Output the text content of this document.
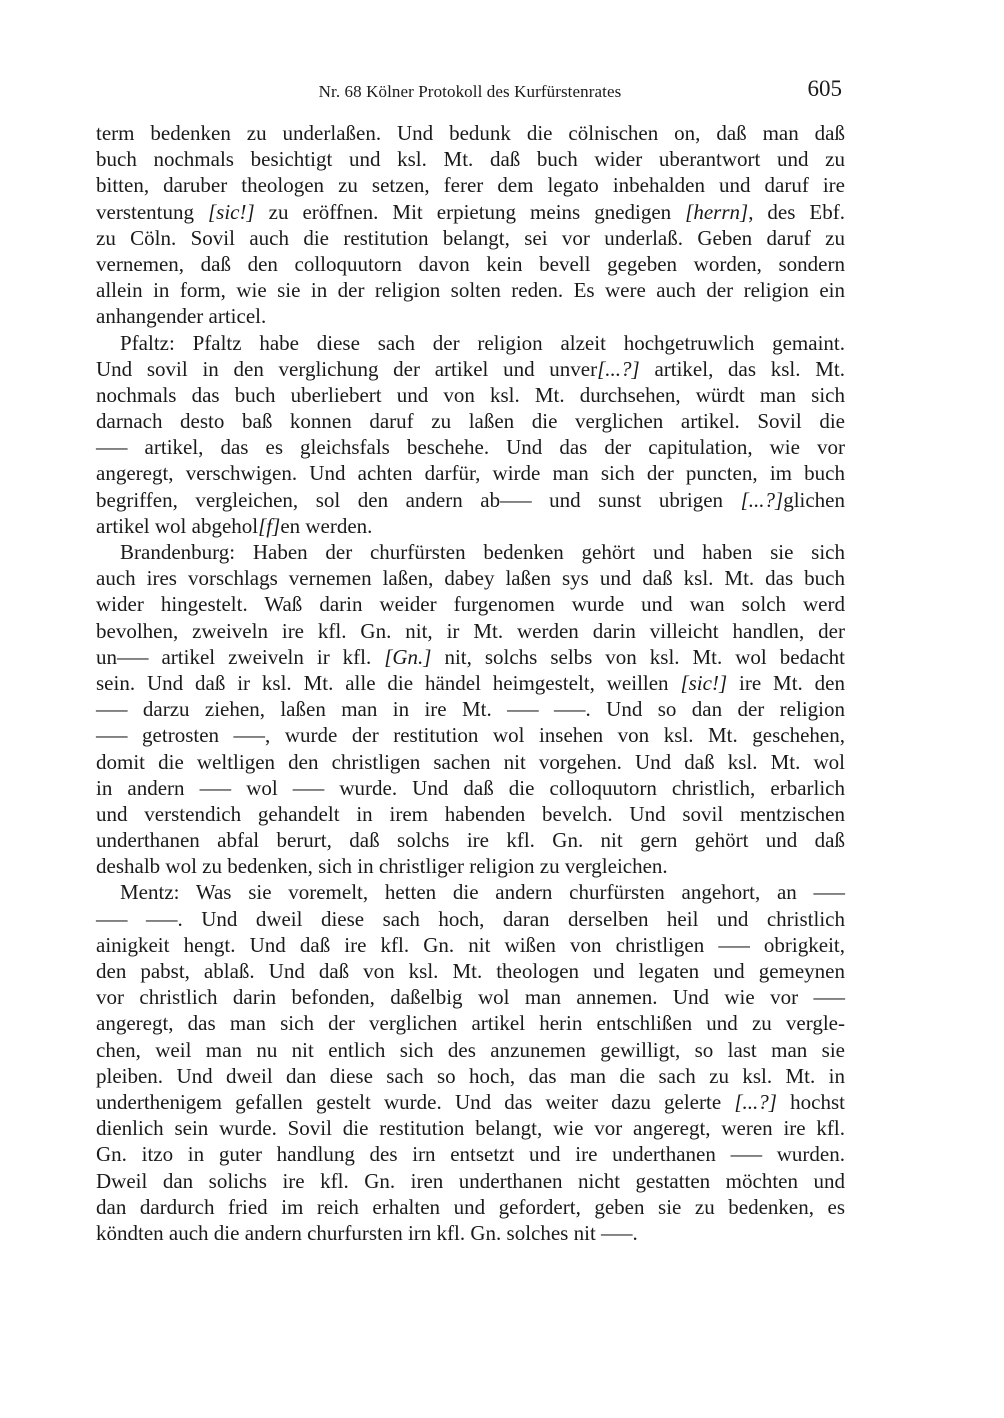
Nr. 68 Kölner Protokoll des Kurfürstenrates	605
term bedenken zu underlaßen. Und bedunk die cölnischen on, daß man daß
buch nochmals besichtigt und ksl. Mt. daß buch wider uberantwort und zu
bitten, daruber theologen zu setzen, ferer dem legato inbehalden und daruf ire
verstentung [sic!] zu eröffnen. Mit erpietung meins gnedigen [herrn], des Ebf.
zu Cöln. Sovil auch die restitution belangt, sei vor underlaß. Geben daruf zu
vernemen, daß den colloquutorn davon kein bevell gegeben worden, sondern
allein in form, wie sie in der religion solten reden. Es were auch der religion ein
anhangender articel.
Pfaltz: Pfaltz habe diese sach der religion alzeit hochgetruwlich gemaint.
Und sovil in den verglichung der artikel und unver[...?] artikel, das ksl. Mt.
nochmals das buch uberliebert und von ksl. Mt. durchsehen, würdt man sich
darnach desto baß konnen daruf zu laßen die verglichen artikel. Sovil die
––– artikel, das es gleichsfals beschehe. Und das der capitulation, wie vor
angeregt, verschwigen. Und achten darfür, wirde man sich der puncten, im buch
begriffen, vergleichen, sol den andern ab––– und sunst ubrigen [...?]glichen
artikel wol abgehol[f]en werden.
Brandenburg: Haben der churfürsten bedenken gehört und haben sie sich
auch ires vorschlags vernemen laßen, dabey laßen sys und daß ksl. Mt. das buch
wider hingestelt. Waß darin weider furgenomen wurde und wan solch werd
bevolhen, zweiveln ire kfl. Gn. nit, ir Mt. werden darin villeicht handlen, der
un––– artikel zweiveln ir kfl. [Gn.] nit, solchs selbs von ksl. Mt. wol bedacht
sein. Und daß ir ksl. Mt. alle die händel heimgestelt, weillen [sic!] ire Mt. den
––– darzu ziehen, laßen man in ire Mt. ––– –––. Und so dan der religion
––– getrosten –––, wurde der restitution wol insehen von ksl. Mt. geschehen,
domit die weltligen den christligen sachen nit vorgehen. Und daß ksl. Mt. wol
in andern ––– wol ––– wurde. Und daß die colloquutorn christlich, erbarlich
und verstendich gehandelt in irem habenden bevelch. Und sovil mentzischen
underthanen abfal berurt, daß solchs ire kfl. Gn. nit gern gehört und daß
deshalb wol zu bedenken, sich in christliger religion zu vergleichen.
Mentz: Was sie voremelt, hetten die andern churfürsten angehort, an –––
––– –––. Und dweil diese sach hoch, daran derselben heil und christlich
ainigkeit hengt. Und daß ire kfl. Gn. nit wißen von christligen ––– obrigkeit,
den pabst, ablaß. Und daß von ksl. Mt. theologen und legaten und gemeynen
vor christlich darin befonden, daßelbig wol man annemen. Und wie vor –––
angeregt, das man sich der verglichen artikel herin entschlißen und zu vergle-
chen, weil man nu nit entlich sich des anzunemen gewilligt, so last man sie
pleiben. Und dweil dan diese sach so hoch, das man die sach zu ksl. Mt. in
underthenigem gefallen gestelt wurde. Und das weiter dazu gelerte [...?] hochst
dienlich sein wurde. Sovil die restitution belangt, wie vor angeregt, weren ire kfl.
Gn. itzo in guter handlung des irn entsetzt und ire underthanen ––– wurden.
Dweil dan solichs ire kfl. Gn. iren underthanen nicht gestatten möchten und
dan dardurch fried im reich erhalten und gefordert, geben sie zu bedenken, es
köndten auch die andern churfursten irn kfl. Gn. solches nit –––.
